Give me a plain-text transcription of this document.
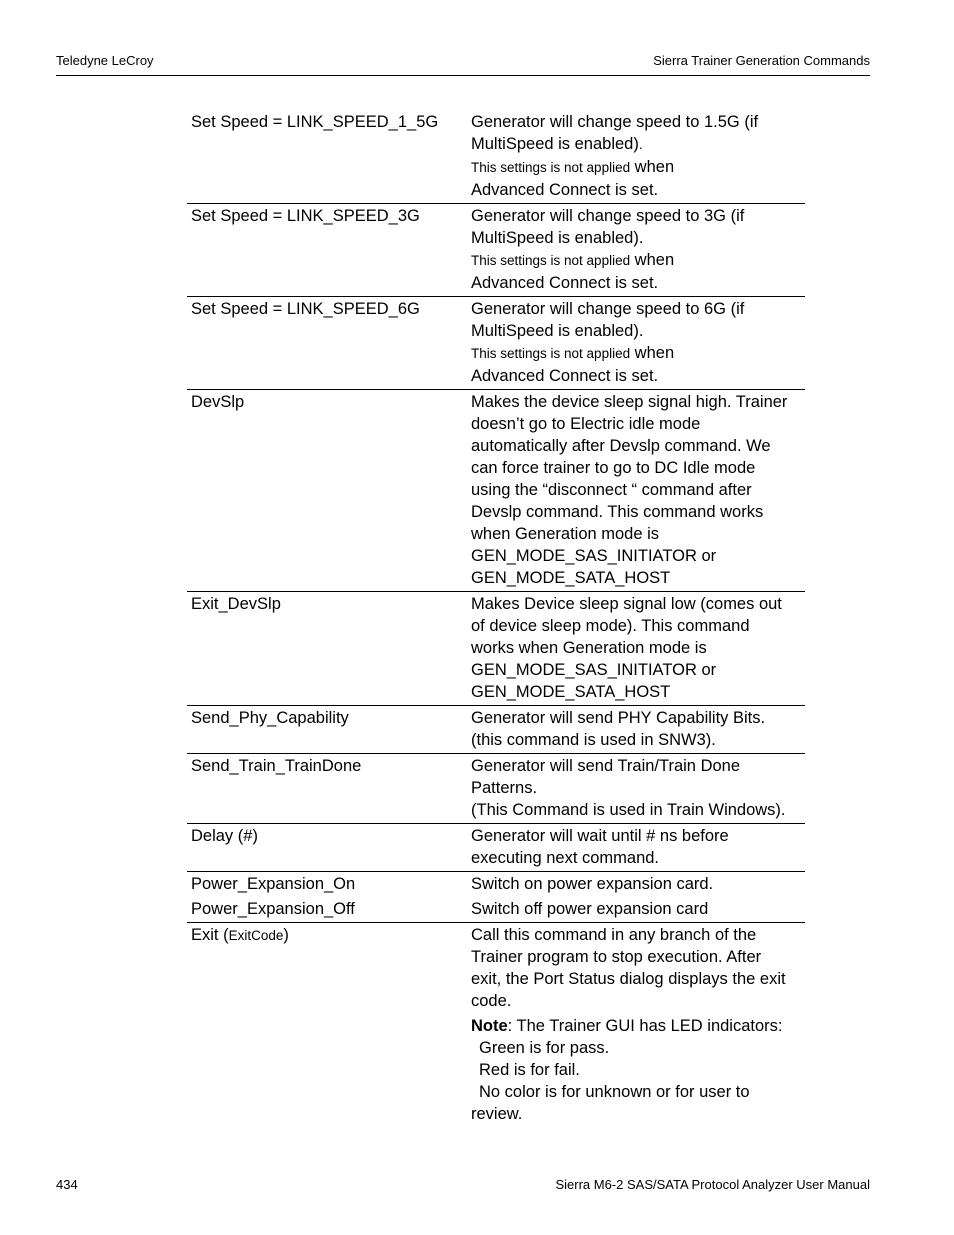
Teledyne LeCroy	Sierra Trainer Generation Commands
Set Speed = LINK_SPEED_1_5G	Generator will change speed to 1.5G (if
MultiSpeed is enabled).
This settings is not applied when
Advanced Connect is set.
Set Speed = LINK_SPEED_3G	Generator will change speed to 3G (if
MultiSpeed is enabled).
This settings is not applied when
Advanced Connect is set.
Set Speed = LINK_SPEED_6G	Generator will change speed to 6G (if
MultiSpeed is enabled).
This settings is not applied when
Advanced Connect is set.
DevSlp	Makes the device sleep signal high. Trainer
doesn’t go to Electric idle mode
automatically after Devslp command. We
can force trainer to go to DC Idle mode
using the “disconnect “ command after
Devslp command. This command works
when Generation mode is
GEN_MODE_SAS_INITIATOR or
GEN_MODE_SATA_HOST
Exit_DevSlp	Makes Device sleep signal low (comes out
of device sleep mode). This command
works when Generation mode is
GEN_MODE_SAS_INITIATOR or
GEN_MODE_SATA_HOST
Send_Phy_Capability	Generator will send PHY Capability Bits.
(this command is used in SNW3).
Send_Train_TrainDone	Generator will send Train/Train Done
Patterns.
(This Command is used in Train Windows).
Delay (#)	Generator will wait until # ns before
executing next command.
Power_Expansion_On	Switch on power expansion card.
Power_Expansion_Off	Switch off power expansion card
Exit (ExitCode)	Call this command in any branch of the
Trainer program to stop execution. After
exit, the Port Status dialog displays the exit
code.
Note: The Trainer GUI has LED indicators:
Green is for pass.
Red is for fail.
No color is for unknown or for user to
review.
434	Sierra M6-2 SAS/SATA Protocol Analyzer User Manual
